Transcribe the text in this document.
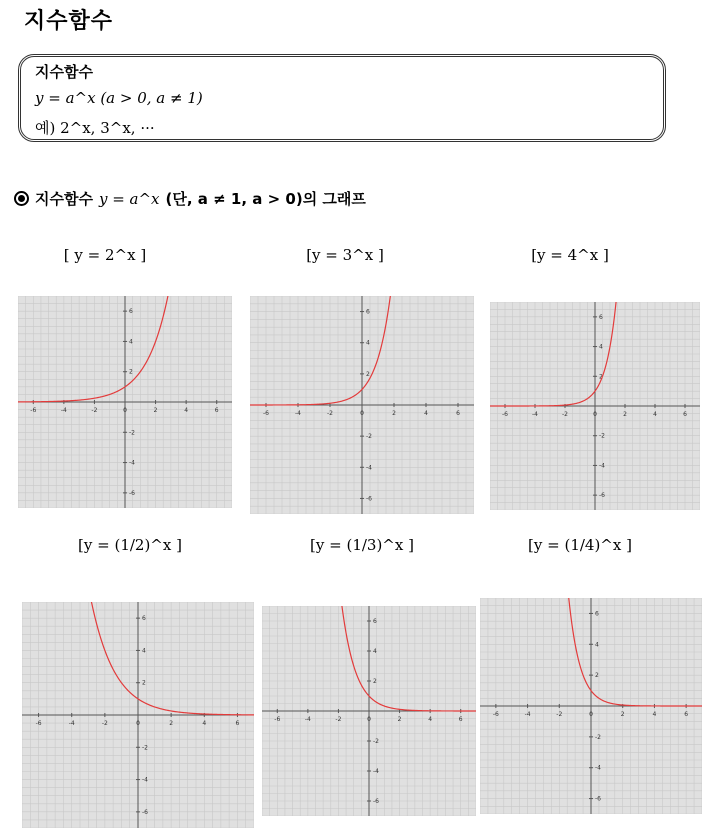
지수함수
지수함수
y = a^x (a > 0, a ≠ 1)
예) 2^x, 3^x, ···
지수함수 y = a^x (단, a ≠ 1, a > 0)의 그래프
[ y = 2^x ]	[y = 3^x ]	[y = 4^x ]
[y = (1/2)^x ]	[y = (1/3)^x ]	[y = (1/4)^x ]
-6	-4	-2	0	2	4	6
6
4
2
-2
-4
-6
-6	-4	-2	0	2	4	6
6
4
2
-2
-4
-6
-6	-4	-2	0	2	4	6
6
4
2
-2
-4
-6
-6	-4	-2	0	2	4	6
6
4
2
-2
-4
-6
-6	-4	-2	0	2	4	6
6
4
2
-2
-4
-6
-6	-4	-2	0	2	4	6
6
4
2
-2
-4
-6
